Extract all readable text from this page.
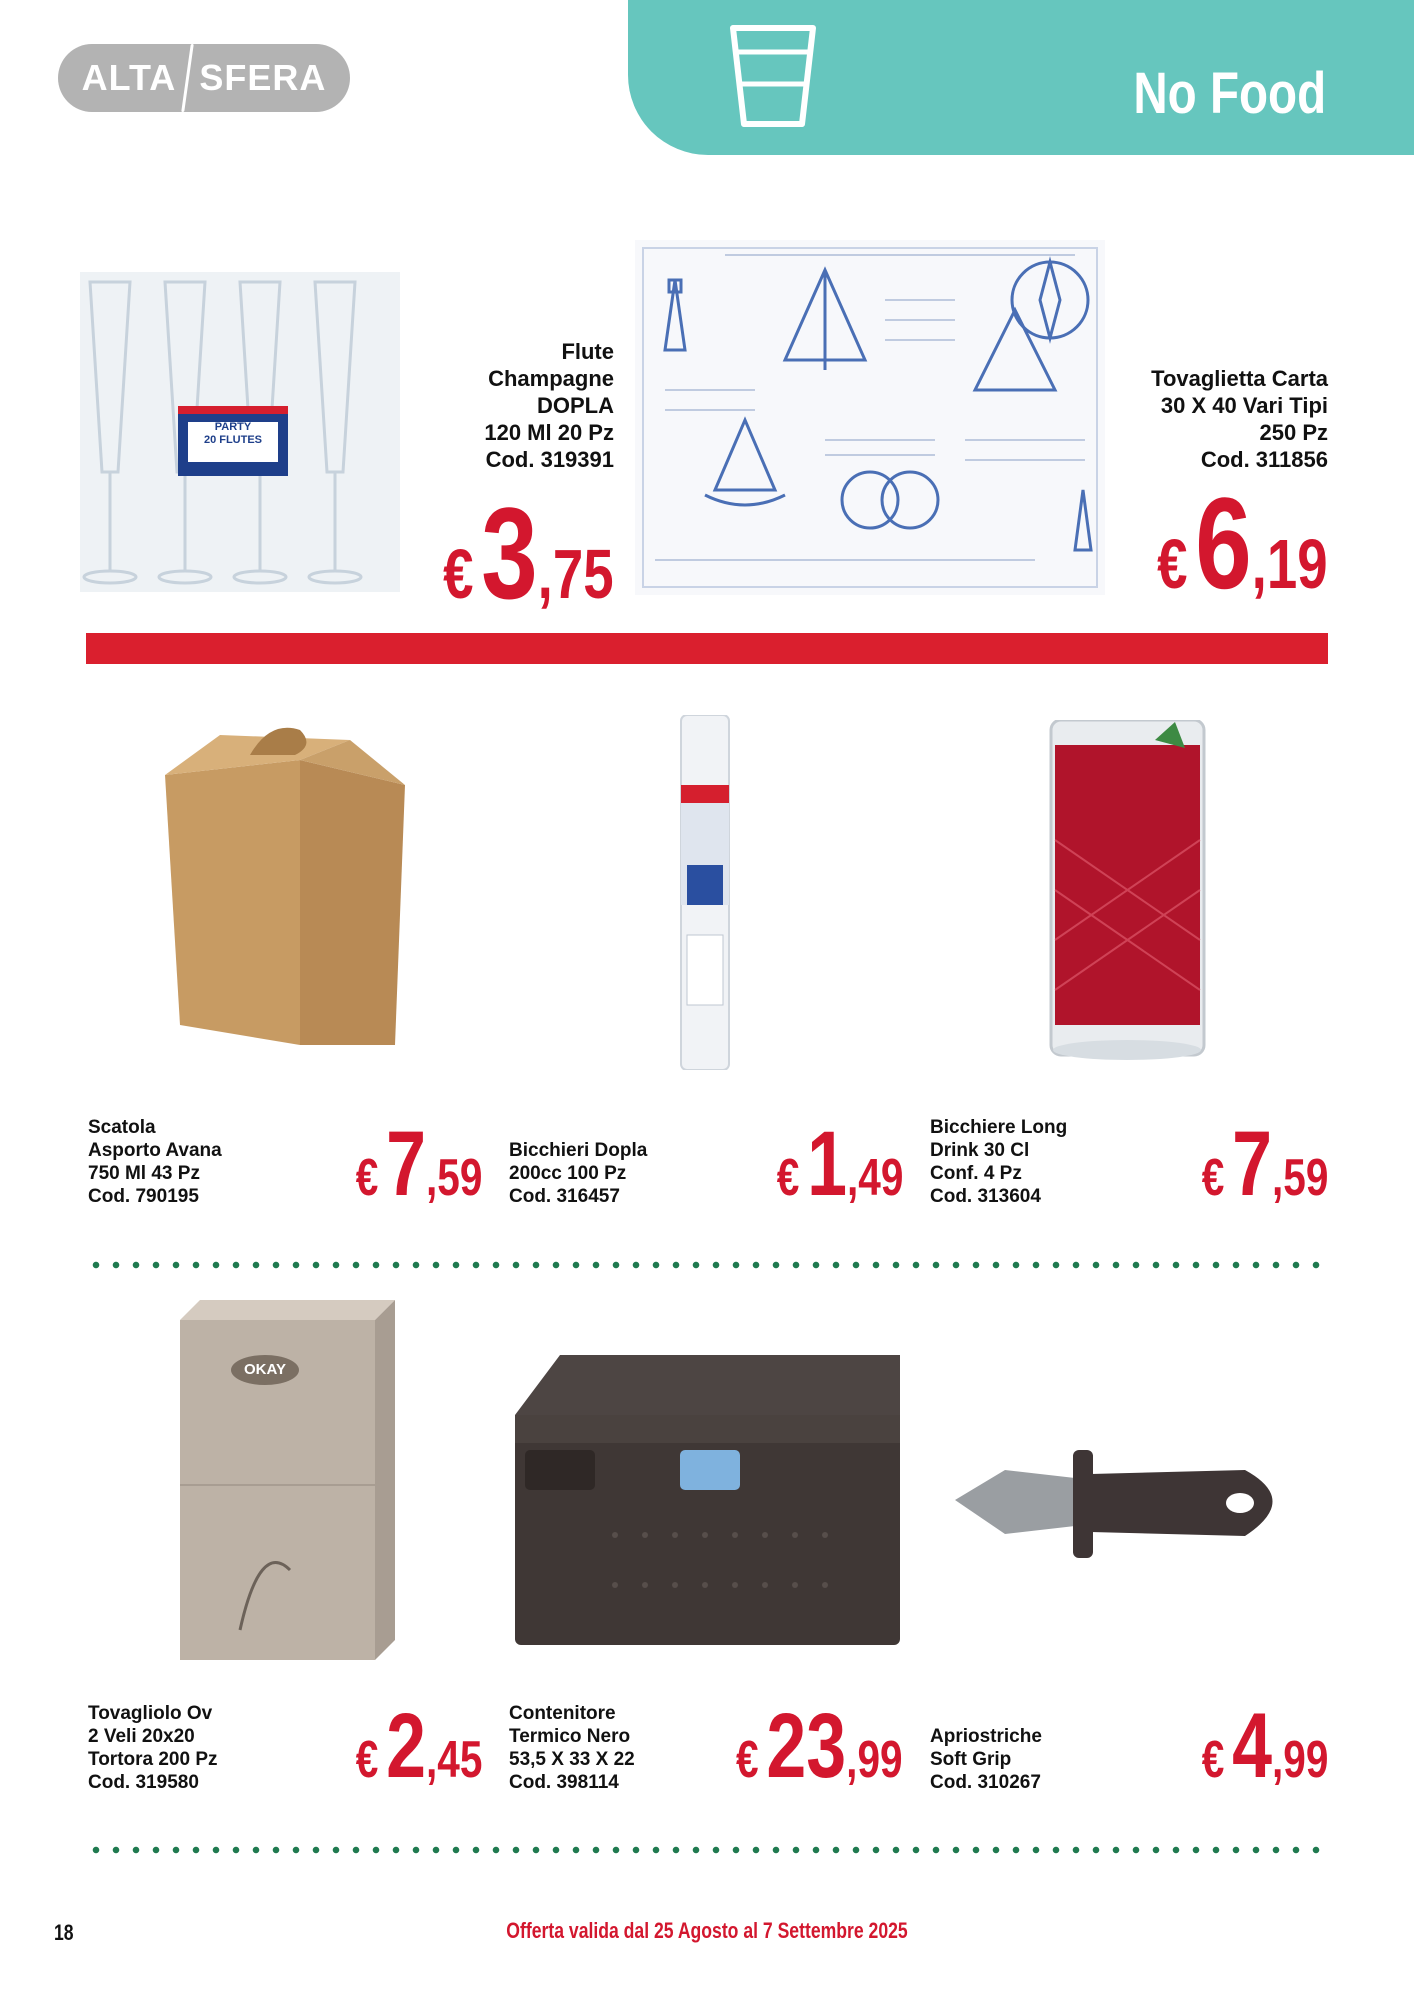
ALTA SFERA	No Food
PARTY
20 FLUTES
Flute
Champagne
DOPLA
120 Ml 20 Pz
Cod. 319391
€ 3 ,75
Tovaglietta Carta
30 X 40 Vari Tipi
250 Pz
Cod. 311856
€ 6 ,19
Scatola
Asporto Avana
750 Ml 43 Pz
Cod. 790195	€ 7 ,59 Bicchieri Dopla
200cc 100 Pz
Cod. 316457	€ 1 ,49
Bicchiere Long
Drink 30 Cl
Conf. 4 Pz
Cod. 313604	€ 7 ,59
OKAY
Tovagliolo Ov
2 Veli 20x20
Tortora 200 Pz
Cod. 319580	€ 2 ,45
Contenitore
Termico Nero
53,5 X 33 X 22
Cod. 398114	€ 23 ,99 Apriostriche
Soft Grip
Cod. 310267	€ 4 ,99
18	Offerta valida dal 25 Agosto al 7 Settembre 2025
